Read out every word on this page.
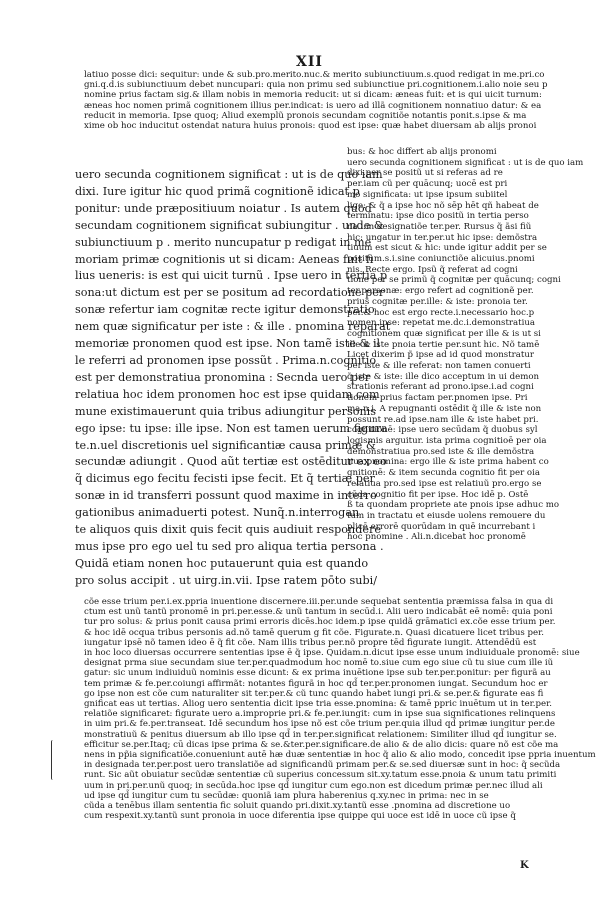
XII
latiuo posse dici: sequitur: unde & sub.pro.merito.nuc.& merito subiunctiuum.s.quod redigat in me.pri.co
gni.q.d.is subiunctiuum debet nuncupari: quia non primu sed subiunctiue pri.cognitionem.i.alio noie seu p
nomine prius factam sig.& illam nobis in memoria reducit: ut si dicam: æneas fuit: et is qui uicit turnum:
æneas hoc nomen primã cognitionem illius per.indicat: is uero ad illã cognitionem nonnatiuo datur: & ea
reducit in memoria. Ipse quoq; Aliud exemplũ pronois secundam cognitiõe notantis ponit.s.ipse & ma
xime ob hoc inducitut ostendat natura huius pronois: quod est ipse: quæ habet diuersam ab alijs pronoi
uero secunda cognitionem significat : ut is de quo iam
dixi. Iure igitur hic quod primã cognitionẽ idicat p
ponitur: unde præpositiuum noiatur . Is autem quod
secundam cognitionem significat subiungitur . unde &
subiunctiuum p . merito nuncupatur p redigat in me
moriam primæ cognitionis ut si dicam: Aeneas fuit fi
lius ueneris: is est qui uicit turnũ . Ipse uero in tertia p
sona:ut dictum est per se positum ad recordatione per
sonæ refertur iam cognitæ recte igitur demonstratio
nem quæ significatur per iste : & ille . pnomina reparat
memoriæ pronomen quod est ipse. Non tamẽ iste & il
le referri ad pronomen ipse possũt . Prima.n.cognitio
est per demonstratiua pronomina : Secnda uero per
relatiua hoc idem pronomen hoc est ipse quidam com
mune existimauerunt quia tribus adiungitur personis
ego ipse: tu ipse: ille ipse. Non est tamen uerum figura
te.n.uel discretionis uel significantiæ causa primæ &
secundæ adiungit . Quod aũt tertiæ est ostēditur ex eo
q̃ dicimus ego fecitu fecisti ipse fecit. Et q̃ tertiæ per
sonæ in id transferri possunt quod maxime in interro
gationibus animaduerti potest. Nunq̃.n.interrogan
te aliquos quis dixit quis fecit quis audiuit respondere
mus ipse pro ego uel tu sed pro aliqua tertia persona .
Quidã etiam nonen hoc putauerunt quia est quando
pro solus accipit . ut uirg.in.vii. Ipse ratem pōto subi/
bus: & hoc differt ab alijs pronomi
uero secunda cognitionem significat : ut is de quo iam
dixi.per se positũ ut si referas ad re
per.iam cũ per quācunq; uocē est pri
mo significata: ut ipse ipsum subiitel
lige: & q̃ a ipse hoc nõ sēp hēt qñ habeat de
terminatu: ipse dico positũ in tertia perso
na.i.in designatiõe ter.per. Rursus q̃ ãsi fiũ
hic: ungatur in ter.per.ut hic ipse: demõstra
tiuum est sicut & hic: unde igitur addit per se
positum.s.i.sine coniunctiõe alicuius.pnomi
nis. Recte ergo. Ipsũ q̃ referat ad cogni
tione per se primũ q̃ cognitæ per quācunq; cogni
ter.personæ: ergo refert ad cognitionẽ per.
prius cognitæ per.ille: & iste: pronoia ter.
per.& hoc est ergo recte.i.necessario hoc.p
nomen ipse: repetat me.dc.i.demonstratiua
cognitionem quæ significat per ille & is ut si
ille & iste pnoia tertie per.sunt hic. Nõ tamē
Licet dixerim p̃ ipse ad id quod monstratur
per iste & ille referat: non tamen conuerti
q̃ iste & iste: ille dico acceptum in ui demon
strationis referant ad prono.ipse.i.ad cogni
tionem prius factam per.pnomen ipse. Pri
ma.n.i. A repugnanti ostēdit q̃ ille & iste non
possunt re.ad ipse.nam ille & iste habet pri.
cognitionē: ipse uero secūdam q̃ duobus syl
logismis arguitur. ista prima cognitioē per oia
demonstratiua pro.sed iste & ille demõstra
tiua.pnomina: ergo ille & iste prima habent co
gnitionē: & item secunda cognitio fit per oia
relatiua pro.sed ipse est relatiuũ pro.ergo se
cūda cognitio fit per ipse. Hoc idē p. Ostē
ß ta quondam propriete ate pnois ipse adhuc mo
tum in tractatu et eiusde uolens remouere du
plicē errorē quorūdam in quē incurrebant i
hoc pnomine . Ali.n.dicebat hoc pronomē
cõe esse trium per.i.ex.ppria inuentione discernere.iii.per.unde sequebat sententia præmissa falsa in qua di
ctum est unũ tantũ pronomē in pri.per.esse.& unũ tantum in secūd.i. Alii uero indicabāt eē nomē: quia poni
tur pro solus: & prius ponit causa primi erroris dicēs.hoc idem.p ipse quidã grāmatici ex.cõe esse trium per.
& hoc idē ocqua tribus personis ad.nõ tamē querum g fit cõe. Figurate.n. Quasi dicatuere licet tribus per.
iungatur ipsē nõ tamen ideo ē q̃ fit cõe. Nam illis tribus per.nõ propre tēd figurate iungit. Attendēdū est
in hoc loco diuersas occurrere sententias ipse ē q̃ ipse. Quidam.n.dicut ipse esse unum indiuiduale pronomē: siue
designat prma siue secundam siue ter.per.quadmodum hoc nomē to.siue cum ego siue cũ tu siue cum ille iũ
gatur: sic unum indiuiduũ nominis esse dicunt: & ex prima inuētione ipse sub ter.per.ponitur: per figurã au
tem primæ & fe.per.coiungi affirmãt: notantes figurã in hoc qd̃ ter.per.pronomen iungat. Secundum hoc er
go ipse non est cõe cum naturaliter sit ter.per.& cũ tunc quando habet iungi pri.& se.per.& figurate eas fi
gnificat eas ut tertias. Aliog uero sententia dicit ipse tria esse.pnomina: & tamē ppric inuētum ut in ter.per.
relatiõe significaret: figurate uero a.improprie pri.& fe.per.iungit: cum in ipse sua significationes relinquens
in uim pri.& fe.per.transeat. Idē secundum hos ipse nõ est cõe trium per.quia illud qd̃ primæ iungitur per.de
monstratiuũ & penitus diuersum ab illo ipse qd̃ in ter.per.significat relationem: Similiter illud qd̃ iungitur se.
efficitur se.per.Itaq; cū dicas ipse prima & se.&ter.per.significare.de alio & de alio dicis: quare nõ est cõe ma
nens in pp̃ia significatiõe.conueniunt autē hæ duæ sententiæ in hoc q̃ alio & alio modo, concedit ipse ppria inuentum
in designada ter.per.post uero translatiõe ad significandũ primam per.& se.sed diuersæ sunt in hoc: q̃ secũda
runt. Sic aũt obuiatur secũdæ sententiæ cũ superius concessum sit.xy.tatum esse.pnoia & unum tatu primiti
uum in pri.per.unũ quoq; in secūda.hoc ipse qd̃ iungitur cum ego.non est dicedum primæ per.nec illud ali
ud ipse qd̃ iungitur cum tu secūdæ: quoniã iam plura haberenius q.xy.nec in prima: nec in se
cũda a tenēbus illam sententia fic soluit quando pri.dixit.xy.tantũ esse .pnomina ad discretione uo
cum respexit.xy.tantũ sunt pronoia in uoce diferentia ipse quippe qui uoce est idē in uoce cũ ipse q̃
K
